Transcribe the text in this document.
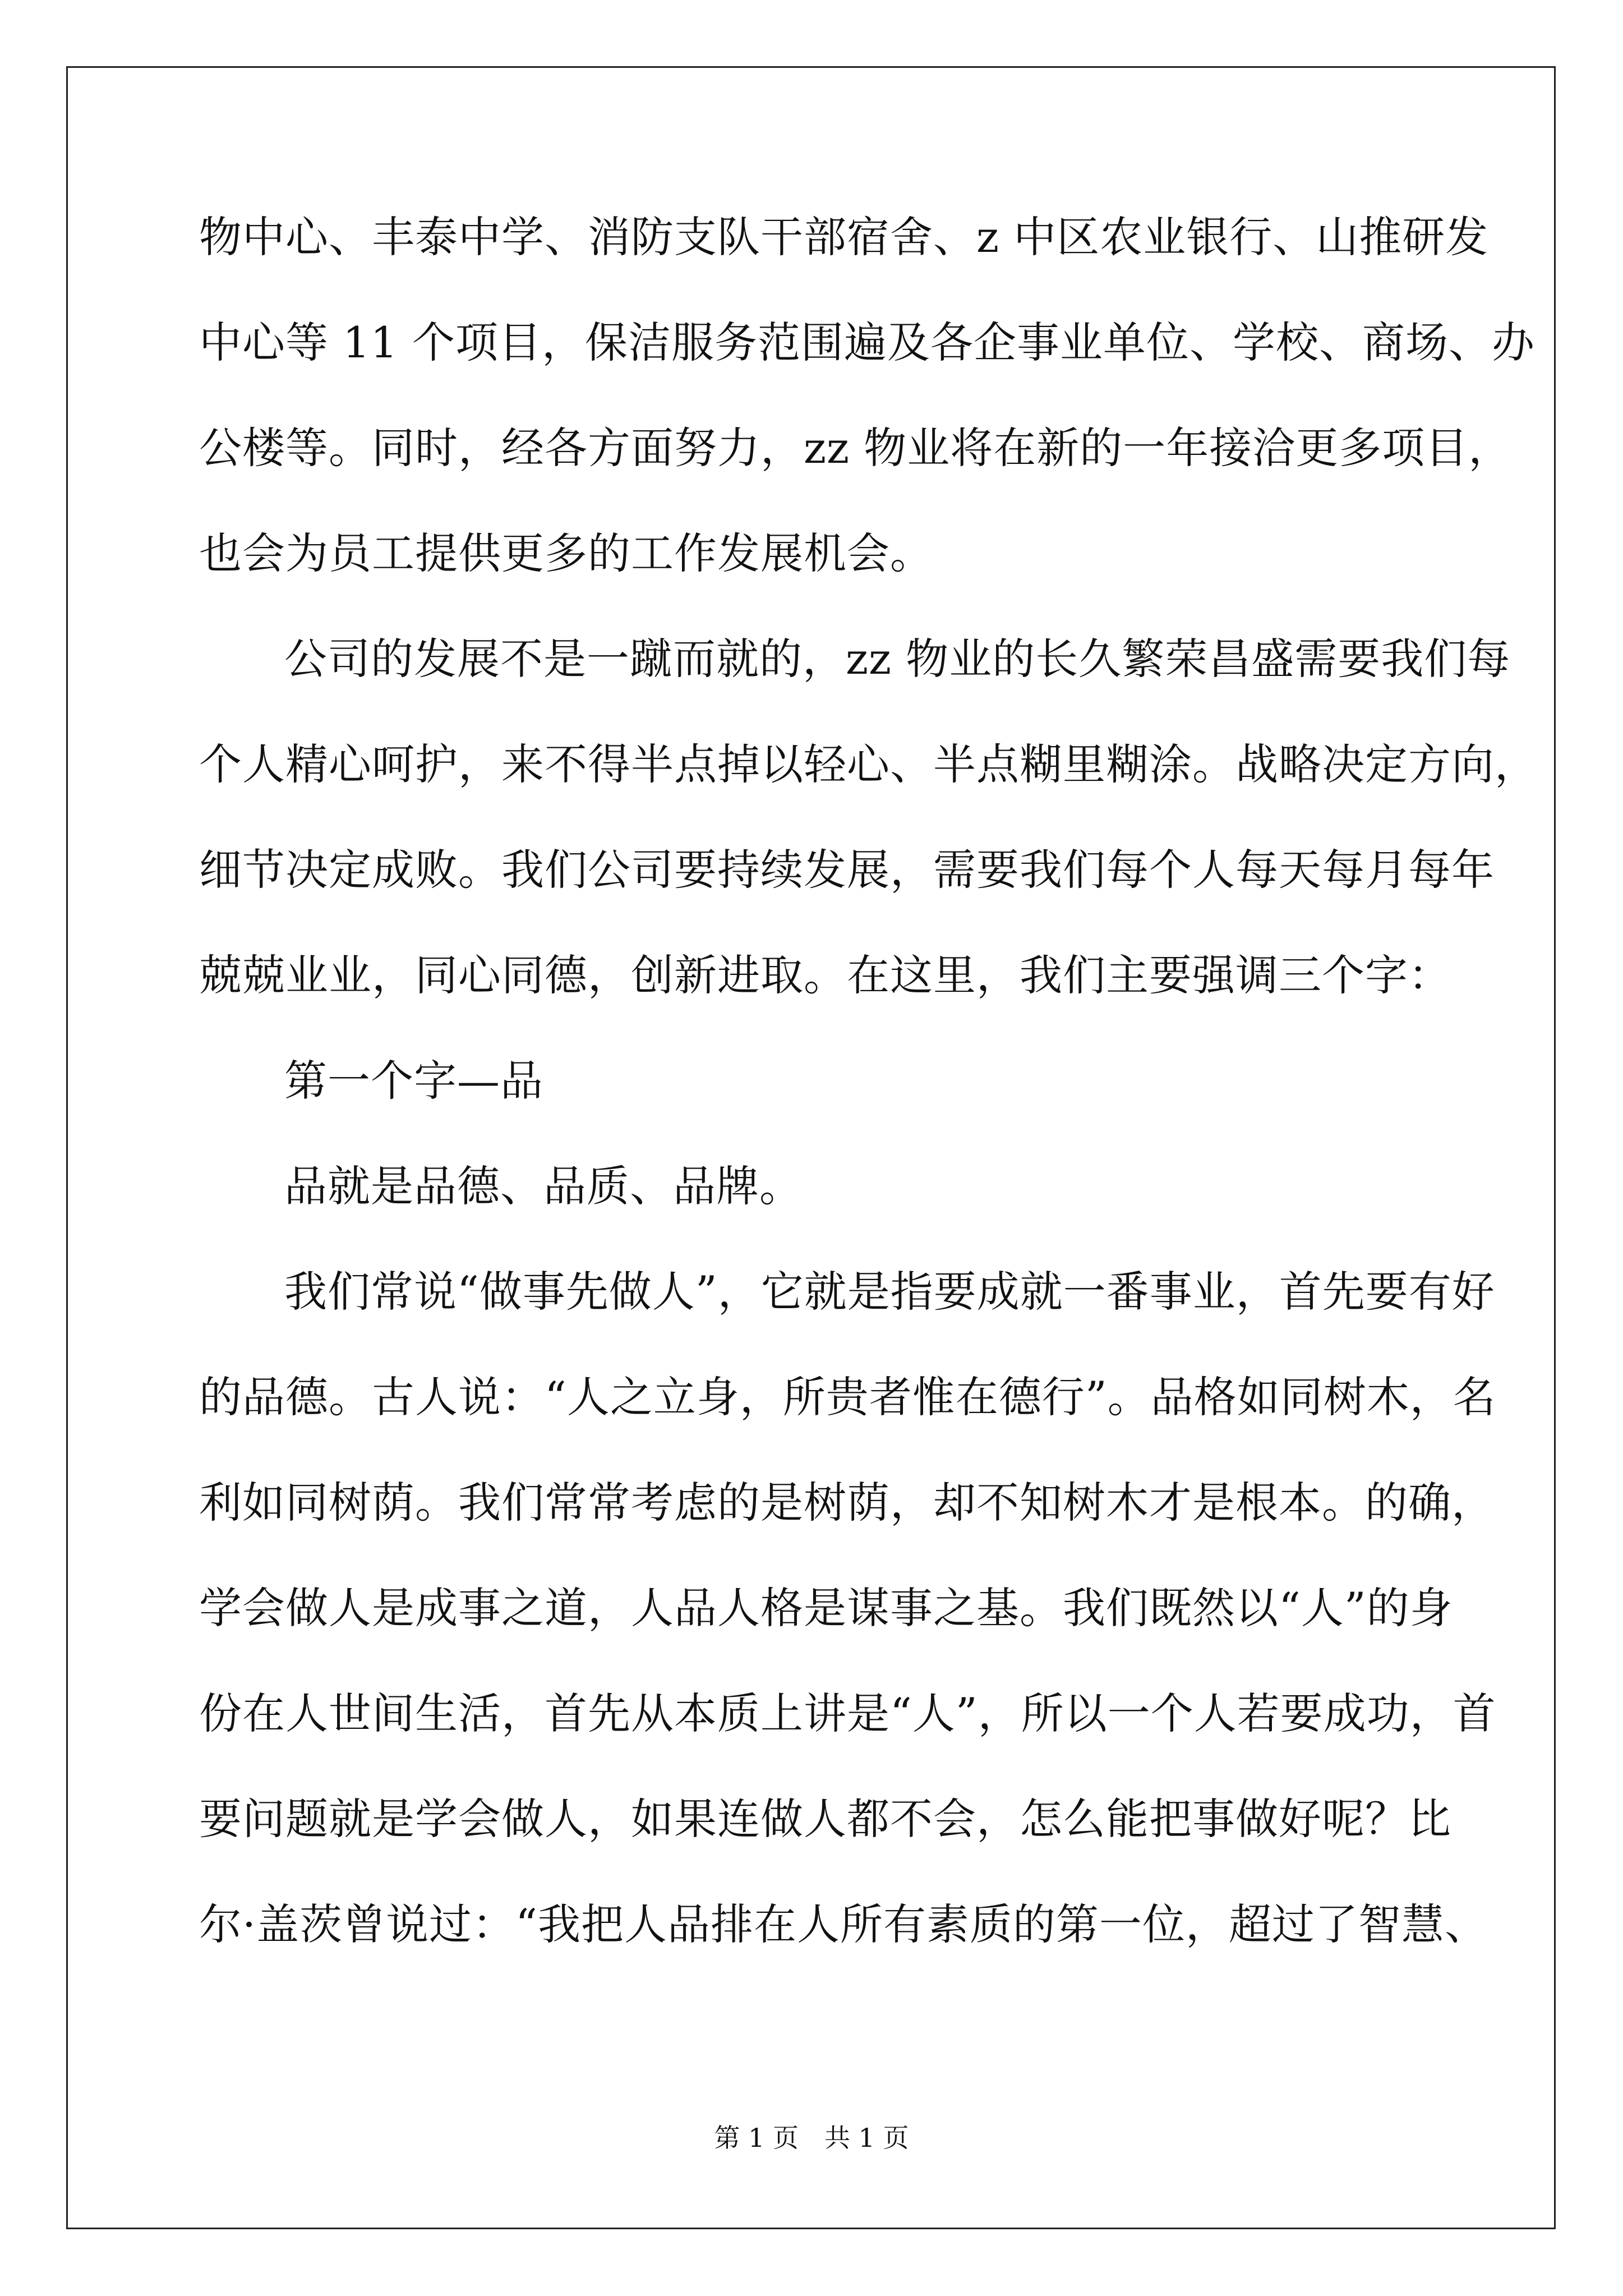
物中心、丰泰中学、消防支队干部宿舍、z 中区农业银行、山推研发
中心等 11 个项目，保洁服务范围遍及各企事业单位、学校、商场、办
公楼等。同时，经各方面努力，zz 物业将在新的一年接洽更多项目，
也会为员工提供更多的工作发展机会。
公司的发展不是一蹴而就的，zz 物业的长久繁荣昌盛需要我们每
个人精心呵护，来不得半点掉以轻心、半点糊里糊涂。战略决定方向，
细节决定成败。我们公司要持续发展，需要我们每个人每天每月每年
兢兢业业，同心同德，创新进取。在这里，我们主要强调三个字：
第一个字—品
品就是品德、品质、品牌。
我们常说“做事先做人”，它就是指要成就一番事业，首先要有好
的品德。古人说：“人之立身，所贵者惟在德行”。品格如同树木，名
利如同树荫。我们常常考虑的是树荫，却不知树木才是根本。的确，
学会做人是成事之道，人品人格是谋事之基。我们既然以“人”的身
份在人世间生活，首先从本质上讲是“人”，所以一个人若要成功，首
要问题就是学会做人，如果连做人都不会，怎么能把事做好呢？比
尔·盖茨曾说过：“我把人品排在人所有素质的第一位，超过了智慧、
第 1 页　共 1 页
